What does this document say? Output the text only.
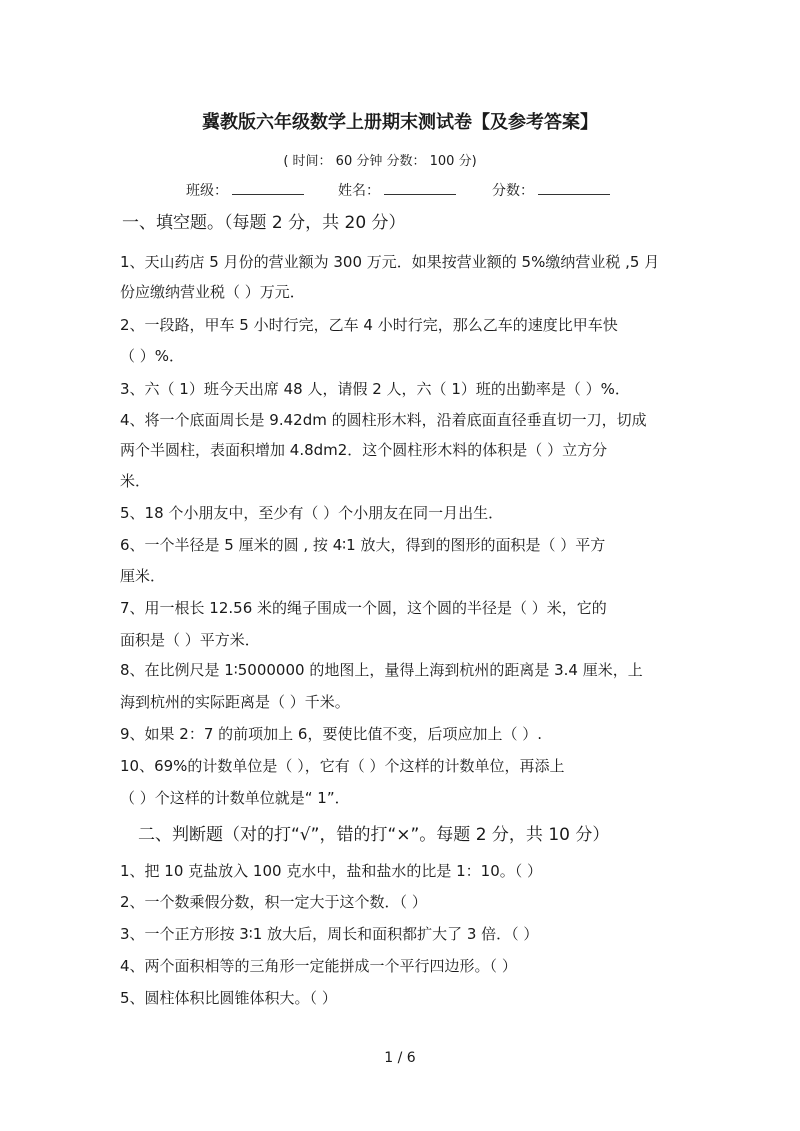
冀教版六年级数学上册期末测试卷【及参考答案】
( 时间： 60 分钟 分数： 100 分)
班级：	姓名：	分数：
一、填空题。（每题 2 分，共 20 分）
1、天山药店 5 月份的营业额为 300 万元．如果按营业额的 5%缴纳营业税 ,5 月
份应缴纳营业税（ ）万元．
2、一段路，甲车 5 小时行完，乙车 4 小时行完，那么乙车的速度比甲车快
（ ）%．
3、六（ 1）班今天出席 48 人，请假 2 人，六（ 1）班的出勤率是（ ）%．
4、将一个底面周长是 9.42dm 的圆柱形木料，沿着底面直径垂直切一刀，切成
两个半圆柱，表面积增加 4.8dm2．这个圆柱形木料的体积是（ ）立方分
米．
5、18 个小朋友中，至少有（ ）个小朋友在同一月出生．
6、一个半径是 5 厘米的圆 , 按 4∶1 放大，得到的图形的面积是（ ）平方
厘米．
7、用一根长 12.56 米的绳子围成一个圆，这个圆的半径是（ ）米，它的
面积是（ ）平方米．
8、在比例尺是 1∶5000000 的地图上，量得上海到杭州的距离是 3.4 厘米，上
海到杭州的实际距离是（ ）千米。
9、如果 2：7 的前项加上 6，要使比值不变，后项应加上（ ）.
10、69%的计数单位是（ ），它有（ ）个这样的计数单位，再添上
（ ）个这样的计数单位就是“ 1”．
二、判断题（对的打“√”，错的打“×”。每题 2 分，共 10 分）
1、把 10 克盐放入 100 克水中，盐和盐水的比是 1：10。（ ）
2、一个数乘假分数，积一定大于这个数．（ ）
3、一个正方形按 3∶1 放大后，周长和面积都扩大了 3 倍．（ ）
4、两个面积相等的三角形一定能拼成一个平行四边形。（ ）
5、圆柱体积比圆锥体积大。（ ）
1 / 6
